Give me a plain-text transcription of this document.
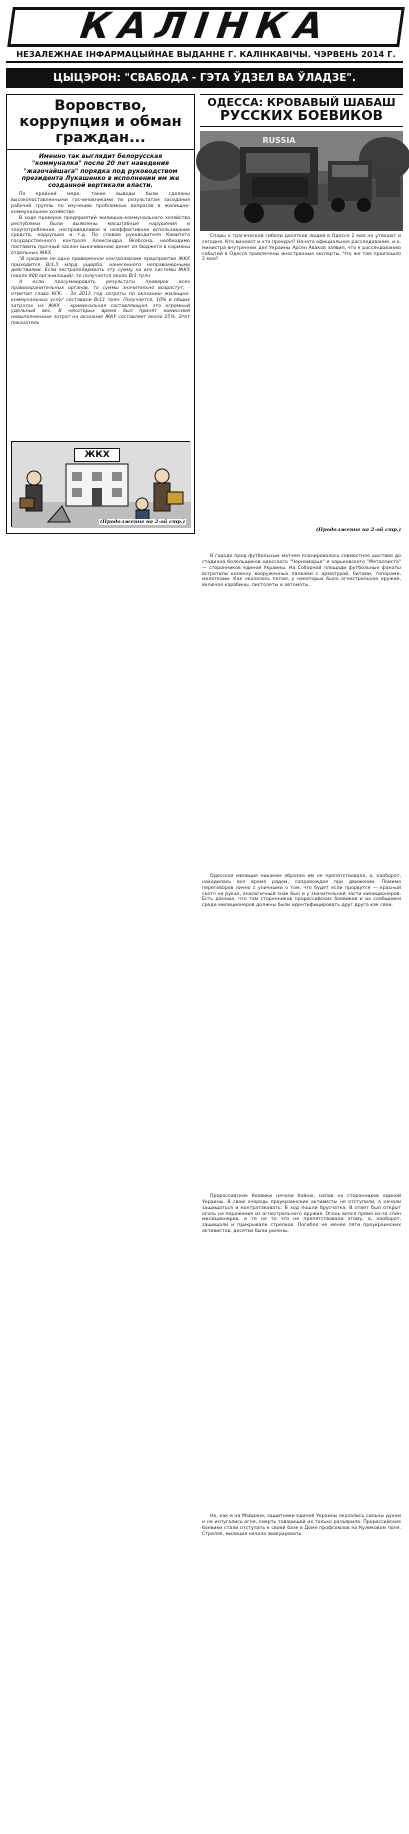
КАЛІНКА
НЕЗАЛЕЖНАЕ ІНФАРМАЦЫЙНАЕ ВЫДАННЕ Г. КАЛІНКАВІЧЫ. ЧЭРВЕНЬ 2014 Г.
ЦЫЦЭРОН: "СВАБОДА - ГЭТА ЎДЗЕЛ ВА ЎЛАДЗЕ".
Воровство, коррупция и обман граждан...
Именно так выглядит белорусская "коммуналка" после 20 лет наведения "жазочайшага" порядка под руководством президента Лукашенко в исполнении им же созданной вертикали власти.

По крайней мере, такие выводы были сделаны высокопоставленными госчиновниками по результатам заседания рабочей группы по изучению проблемных вопросов в жилищно-коммунальном хозяйстве.

В ходе проверок предприятий жилищно-коммунального хозяйства республики были выявлены масштабные нарушения и злоупотребления, несправедливое и неэффективное использование средств, коррупция и т.д. По словам руководителя Комитета государственного контроля Александра Якобсона, необходимо поставить прочный заслон выкачиванию денег из бюджета в карманы отдельных ЖКХ.

"В среднем не одно проверенное контролерами предприятие ЖКХ приходится Br1,5 млрд ущерба, нанесенного неправомерными действиями. Если экстраполировать эту сумму на все системы ЖКХ (около 800 организаций), то получается около Br1 трлн.

А если просуммировать результаты проверок всех правоохранительных органов, то суммы значительно возрастут, - отметил глава КГК. - За 2013 год затраты по оказанию жилищно-коммунальных услуг составили Br11 трлн. Получается, 10% в общих затратах на ЖКХ - криминальная составляющая, это огромный удельный вес. В некоторых время был принят комиссией невыполненным затрат на оказание ЖКУ составляет около 25%. Этот показатель

ЖКХ
(Продолжение на 2-ой стр.)
ОДЕССА: КРОВАВЫЙ ШАБАШ
РУССКИХ БОЕВИКОВ
RUSSIA

Споры о трагической гибели десятков людей в Одессе 2 мая не утихают и сегодня. Кто виноват и кто преедал? Начато официальное расследование, и.о. министра внутренних дел Украины Арсен Аваков заявил, что к расследованию событий в Одессе привлечены иностранные эксперты. Что же там произошло 2 мая?

В городе пред футбольным матчем планировалось совместное шествие до стадиона болельщиков одесского "Черноморца" и харьковского "Металлиста" — сторонников единой Украины. На Соборной площади футбольные фанаты встретили колонну вооруженных палками с арматурой, битами, топорами, молотками. Как оказалось потом, у некоторых было огнестрельное оружие, включая карабины, пистолеты и автоматы.

Одесская милиция никаким образом им не препятствовала, а, наоборот, находилась все время рядом, сопровождая при движении. Помимо переговоров лично с уличными о том, что будет если прорвутся — красный скотч на руках, аналогичный знак был и у значительной части милиционеров. Есть данные, что там сторонников пророссийских боевиков и их сообщники среди милиционеров должны были идентифицировать друг друга как свои.

Пророссийские боевики начали бойню, напав на сторонников единой Украины. В свою очередь проукраинские активисты не отступили, а начали защищаться и контратаковать. В ход пошли брусчатка. В ответ был открыт огонь на поражение из огнестрельного оружия. Огонь велся прямо из-за спин милиционеров, и те не то что не препятствовали этому, а, наоборот, защищали и прикрывали стрелков. Погибло не менее пяти проукраинских активистов, десятки были ранены.

Но, как и на Майдане, защитники единой Украины оказались сильны духом и не испугались огня, смерть товарищей их только разъярила. Пророссийские боевики стали отступать к своей базе в Доме профсоюзов на Куликовом поле. Стреляя, милиция начала эвакуировать

(Продолжение на 2-ой стр.)
